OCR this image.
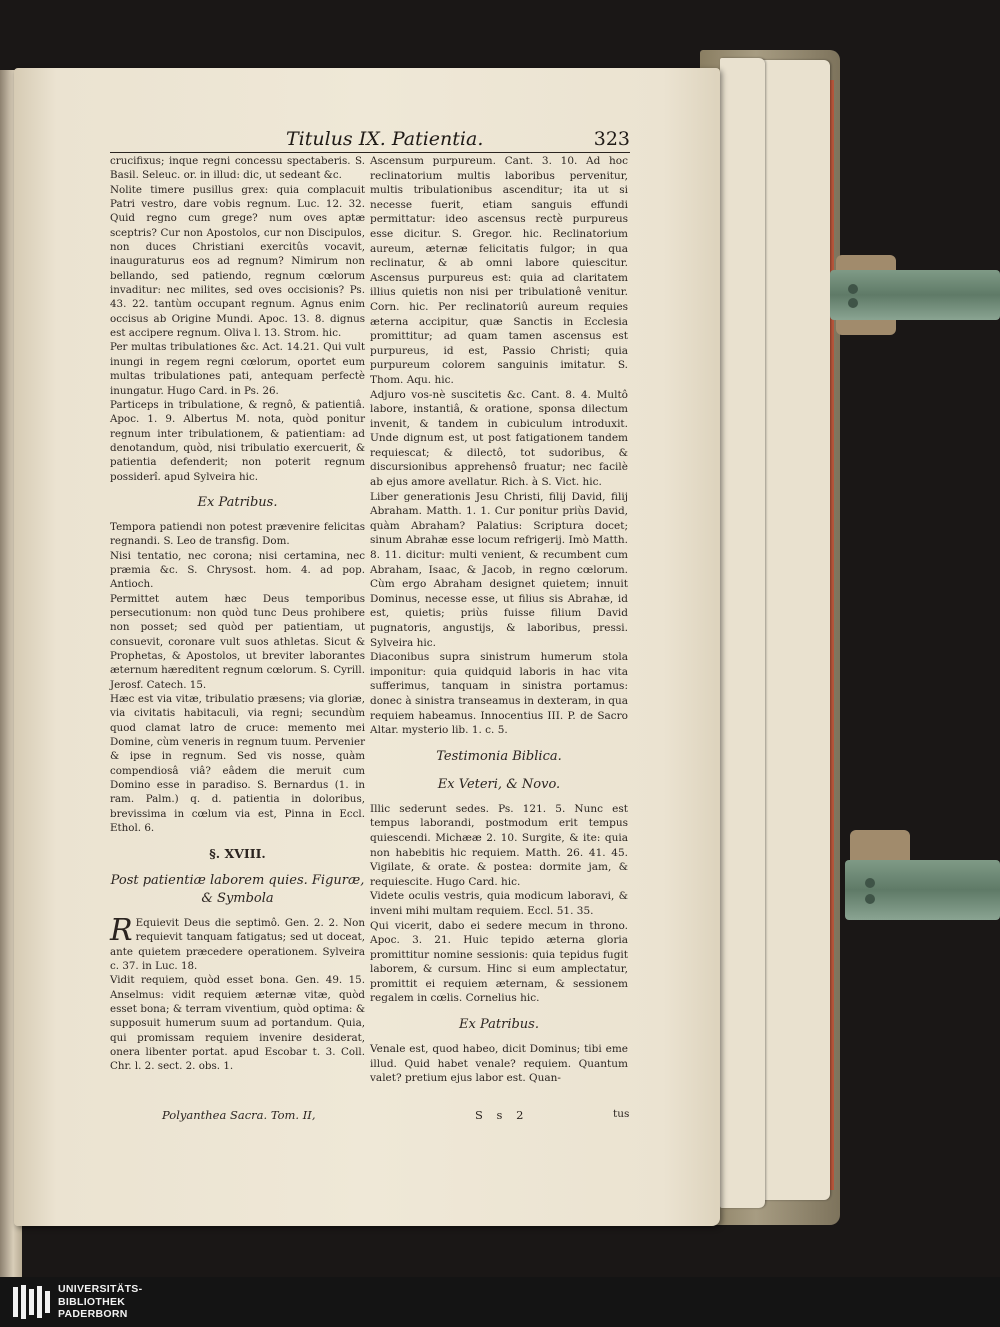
Titulus IX. Patientia.	323

crucifixus; inque regni concessu spectaberis. S. Basil. Seleuc. or. in illud: dic, ut sedeant &c.

Nolite timere pusillus grex: quia complacuit Patri vestro, dare vobis regnum. Luc. 12. 32. Quid regno cum grege? num oves aptæ sceptris? Cur non Apostolos, cur non Discipulos, non duces Christiani exercitûs vocavit, inauguraturus eos ad regnum? Nimirum non bellando, sed patiendo, regnum cœlorum invaditur: nec milites, sed oves occisionis? Ps. 43. 22. tantùm occupant regnum. Agnus enim occisus ab Origine Mundi. Apoc. 13. 8. dignus est accipere regnum. Oliva l. 13. Strom. hic.

Per multas tribulationes &c. Act. 14.21. Qui vult inungi in regem regni cœlorum, oportet eum multas tribulationes pati, antequam perfectè inungatur. Hugo Card. in Ps. 26.

Particeps in tribulatione, & regnô, & patientiâ. Apoc. 1. 9. Albertus M. nota, quòd ponitur regnum inter tribulationem, & patientiam: ad denotandum, quòd, nisi tribulatio exercuerit, & patientia defenderit; non poterit regnum possiderî. apud Sylveira hic.

Ex Patribus.

Tempora patiendi non potest prævenire felicitas regnandi. S. Leo de transfig. Dom.

Nisi tentatio, nec corona; nisi certamina, nec præmia &c. S. Chrysost. hom. 4. ad pop. Antioch.

Permittet autem hæc Deus temporibus persecutionum: non quòd tunc Deus prohibere non posset; sed quòd per patientiam, ut consuevit, coronare vult suos athletas. Sicut & Prophetas, & Apostolos, ut breviter laborantes æternum hæreditent regnum cœlorum. S. Cyrill. Jerosf. Catech. 15.

Hæc est via vitæ, tribulatio præsens; via gloriæ, via civitatis habitaculi, via regni; secundùm quod clamat latro de cruce: memento mei Domine, cùm veneris in regnum tuum. Pervenier & ipse in regnum. Sed vis nosse, quàm compendiosâ viâ? eâdem die meruit cum Domino esse in paradiso. S. Bernardus (1. in ram. Palm.) q. d. patientia in doloribus, brevissima in cœlum via est, Pinna in Eccl. Ethol. 6.

§. XVIII.
Post patientiæ laborem quies. Figuræ, & Symbola

R Equievit Deus die septimô. Gen. 2. 2. Non requievit tanquam fatigatus; sed ut doceat, ante quietem præcedere operationem. Sylveira c. 37. in Luc. 18.

Vidit requiem, quòd esset bona. Gen. 49. 15. Anselmus: vidit requiem æternæ vitæ, quòd esset bona; & terram viventium, quòd optima: & supposuit humerum suum ad portandum. Quia, qui promissam requiem invenire desiderat, onera libenter portat. apud Escobar t. 3. Coll. Chr. l. 2. sect. 2. obs. 1.

Ascensum purpureum. Cant. 3. 10. Ad hoc reclinatorium multis laboribus pervenitur, multis tribulationibus ascenditur; ita ut si necesse fuerit, etiam sanguis effundi permittatur: ideo ascensus rectè purpureus esse dicitur. S. Gregor. hic. Reclinatorium aureum, æternæ felicitatis fulgor; in qua reclinatur, & ab omni labore quiescitur. Ascensus purpureus est: quia ad claritatem illius quietis non nisi per tribulationê venitur. Corn. hic. Per reclinatoriû aureum requies æterna accipitur, quæ Sanctis in Ecclesia promittitur; ad quam tamen ascensus est purpureus, id est, Passio Christi; quia purpureum colorem sanguinis imitatur. S. Thom. Aqu. hic.

Adjuro vos-nè suscitetis &c. Cant. 8. 4. Multô labore, instantiâ, & oratione, sponsa dilectum invenit, & tandem in cubiculum introduxit. Unde dignum est, ut post fatigationem tandem requiescat; & dilectô, tot sudoribus, & discursionibus apprehensô fruatur; nec facilè ab ejus amore avellatur. Rich. à S. Vict. hic.

Liber generationis Jesu Christi, filij David, filij Abraham. Matth. 1. 1. Cur ponitur priùs David, quàm Abraham? Palatius: Scriptura docet; sinum Abrahæ esse locum refrigerij. Imò Matth. 8. 11. dicitur: multi venient, & recumbent cum Abraham, Isaac, & Jacob, in regno cœlorum. Cùm ergo Abraham designet quietem; innuit Dominus, necesse esse, ut filius sis Abrahæ, id est, quietis; priùs fuisse filium David pugnatoris, angustijs, & laboribus, pressi. Sylveira hic.

Diaconibus supra sinistrum humerum stola imponitur: quia quidquid laboris in hac vita sufferimus, tanquam in sinistra portamus: donec à sinistra transeamus in dexteram, in qua requiem habeamus. Innocentius III. P. de Sacro Altar. mysterio lib. 1. c. 5.

Testimonia Biblica.
Ex Veteri, & Novo.

Illic sederunt sedes. Ps. 121. 5. Nunc est tempus laborandi, postmodum erit tempus quiescendi. Michææ 2. 10. Surgite, & ite: quia non habebitis hic requiem. Matth. 26. 41. 45. Vigilate, & orate. & postea: dormite jam, & requiescite. Hugo Card. hic.

Videte oculis vestris, quia modicum laboravi, & inveni mihi multam requiem. Eccl. 51. 35.

Qui vicerit, dabo ei sedere mecum in throno. Apoc. 3. 21. Huic tepido æterna gloria promittitur nomine sessionis: quia tepidus fugit laborem, & cursum. Hinc si eum amplectatur, promittit ei requiem æternam, & sessionem regalem in cœlis. Cornelius hic.

Ex Patribus.

Venale est, quod habeo, dicit Dominus; tibi eme illud. Quid habet venale? requiem. Quantum valet? pretium ejus labor est. Quan-

Polyanthea Sacra. Tom. II,	S s 2	tus
UNIVERSITÄTS-
BIBLIOTHEK
PADERBORN
